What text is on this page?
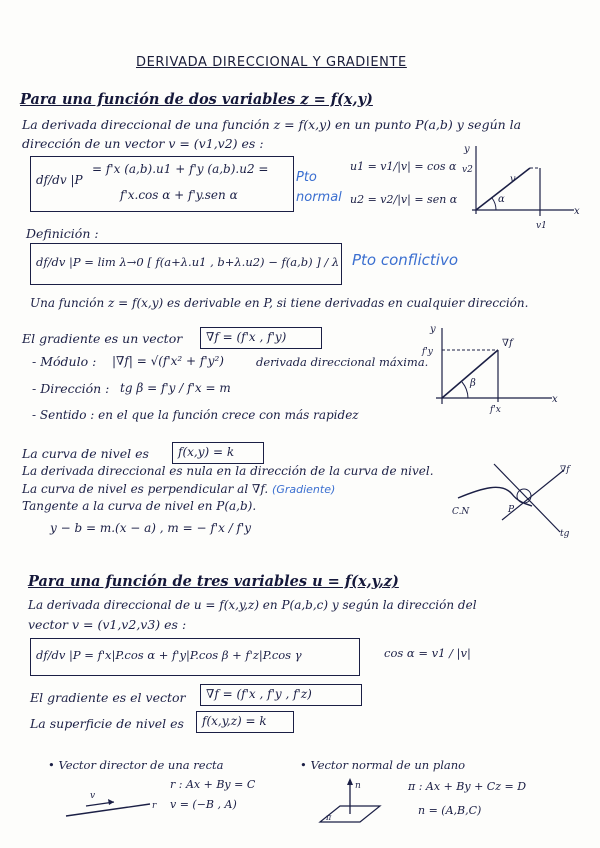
DERIVADA DIRECCIONAL Y GRADIENTE
Para una función de dos variables z = f(x,y)
La derivada direccional de una función z = f(x,y) en un punto P(a,b) y según la
dirección de un vector v = (v1,v2) es :
df/dv |P
= f'x (a,b).u1 + f'y (a,b).u2 =
f'x.cos α + f'y.sen α
Pto normal
u1 = v1/|v| = cos α
u2 = v2/|v| = sen α
y
x
v
α
v2
v1
Definición :
df/dv |P = lim λ→0 [ f(a+λ.u1 , b+λ.u2) − f(a,b) ] / λ Pto conflictivo
Una función z = f(x,y) es derivable en P, si tiene derivadas en cualquier dirección.
El gradiente es un vector ∇f = (f'x , f'y)
- Módulo : |∇f| = √(f'x² + f'y²)	derivada direccional máxima.
- Dirección : tg β = f'y / f'x = m
- Sentido : en el que la función crece con más rapidez
y
x
∇f
f'y
f'x
β
La curva de nivel es f(x,y) = k
La derivada direccional es nula en la dirección de la curva de nivel.
La curva de nivel es perpendicular al ∇f. (Gradiente)
Tangente a la curva de nivel en P(a,b).
y − b = m.(x − a) , m = − f'x / f'y
C.N	P
∇f
tg
Para una función de tres variables u = f(x,y,z)
La derivada direccional de u = f(x,y,z) en P(a,b,c) y según la dirección del
vector v = (v1,v2,v3) es :
df/dv |P = f'x|P.cos α + f'y|P.cos β + f'z|P.cos γ	cos α = v1 / |v|
El gradiente es el vector ∇f = (f'x , f'y , f'z)
La superficie de nivel es f(x,y,z) = k
• Vector director de una recta
r : Ax + By = C
v = (−B , A)
• Vector normal de un plano
π : Ax + By + Cz = D
n = (A,B,C)
v
r
n
π
